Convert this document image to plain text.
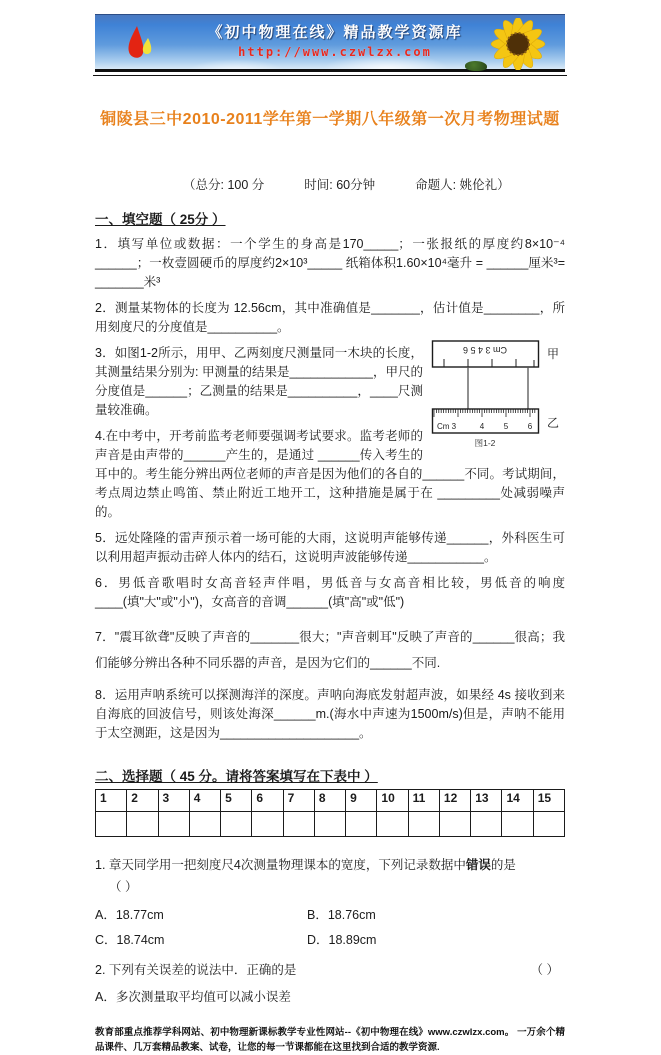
《初中物理在线》精品教学资源库
http://www.czwlzx.com
铜陵县三中2010-2011学年第一学期八年级第一次月考物理试题
（总分: 100 分	时间: 60分钟	命题人: 姚伦礼）
一、填空题（ 25分 ）

1．填写单位或数据：一个学生的身高是170_____；一张报纸的厚度约8×10⁻⁴ ______；一枚壹圆硬币的厚度约2×10³_____ 纸箱体积1.60×10⁴毫升 = ______厘米³= _______米³

2．测量某物体的长度为 12.56cm，其中准确值是_______，估计值是________，所用刻度尺的分度值是__________。

Cm 3 4 5 6	甲
Cm 3	4 5 6 乙
图1-2

3．如图1-2所示，用甲、乙两刻度尺测量同一木块的长度，其测量结果分别为: 甲测量的结果是____________，甲尺的分度值是______；乙测量的结果是__________，____尺测量较准确。

4.在中考中，开考前监考老师要强调考试要求。监考老师的声音是由声带的______产生的，是通过 ______传入考生的耳中的。考生能分辨出两位老师的声音是因为他们的各自的______不同。考试期间，考点周边禁止鸣笛、禁止附近工地开工，这种措施是属于在 _________处减弱噪声的。

5．远处隆隆的雷声预示着一场可能的大雨，这说明声能够传递______，外科医生可以利用超声振动击碎人体内的结石，这说明声波能够传递___________。

6．男低音歌唱时女高音轻声伴唱，男低音与女高音相比较，男低音的响度____(填"大"或"小")，女高音的音调______(填"高"或"低")

7．"震耳欲聋"反映了声音的_______很大；"声音刺耳"反映了声音的______很高；我们能够分辨出各种不同乐器的声音，是因为它们的______不同.

8．运用声呐系统可以探测海洋的深度。声呐向海底发射超声波，如果经 4s 接收到来自海底的回波信号，则该处海深______m.(海水中声速为1500m/s)但是，声呐不能用于太空测距，这是因为____________________。

二、选择题（ 45 分。请将答案填写在下表中 ）
1	2	3	4	5	6	7	8	9	10	11	12	13	14	15

1. 章天同学用一把刻度尺4次测量物理课本的宽度，下列记录数据中错误的是
（ ）
A．18.77cm	B．18.76cm
C．18.74cm	D．18.89cm
2. 下列有关误差的说法中．正确的是	（ ）
A．多次测量取平均值可以减小误差
教育部重点推荐学科网站、初中物理新课标教学专业性网站--《初中物理在线》www.czwlzx.com。 一万余个精品课件、几万套精品教案、试卷，让您的每一节课都能在这里找到合适的教学资源.
